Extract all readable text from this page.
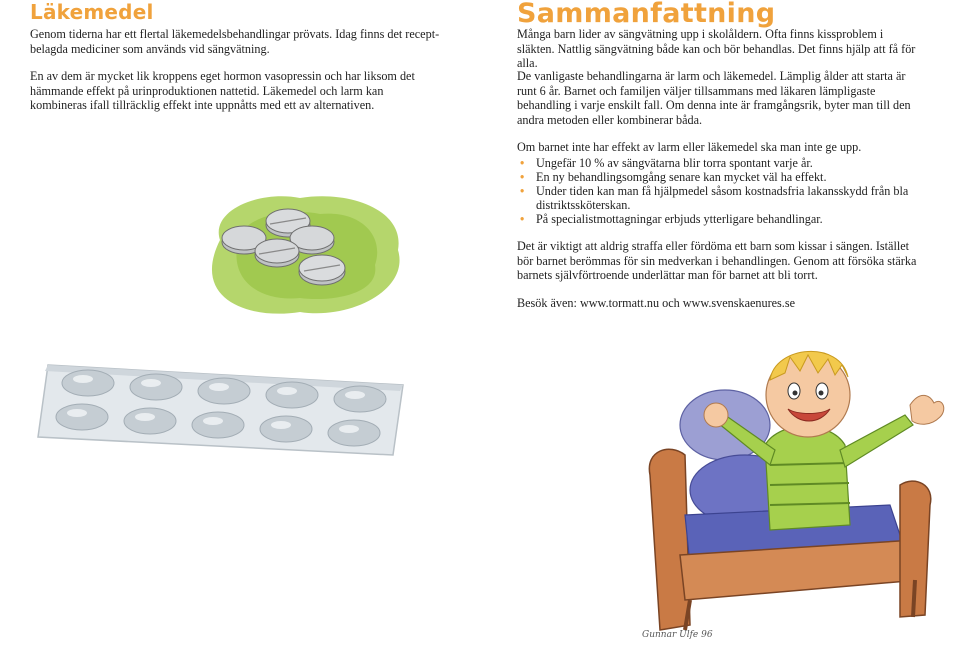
Läkemedel

Genom tiderna har ett flertal läkemedelsbehandlingar prövats. Idag finns det recept-belagda mediciner som används vid sängvätning.

En av dem är mycket lik kroppens eget hormon vasopressin och har liksom det hämmande effekt på urinproduktionen nattetid. Läkemedel och larm kan kombineras ifall tillräcklig effekt inte uppnåtts med ett av alternativen.

Sammanfattning

Många barn lider av sängvätning upp i skolåldern. Ofta finns kissproblem i släkten. Nattlig sängvätning både kan och bör behandlas. Det finns hjälp att få för alla.

De vanligaste behandlingarna är larm och läkemedel. Lämplig ålder att starta är runt 6 år. Barnet och familjen väljer tillsammans med läkaren lämpligaste behandling i varje enskilt fall. Om denna inte är framgångsrik, byter man till den andra metoden eller kombinerar båda.

Om barnet inte har effekt av larm eller läkemedel ska man inte ge upp.

• Ungefär 10 % av sängvätarna blir torra spontant varje år.
• En ny behandlingsomgång senare kan mycket väl ha effekt.
• Under tiden kan man få hjälpmedel såsom kostnadsfria lakansskydd från bla distriktssköterskan.
• På specialistmottagningar erbjuds ytterligare behandlingar.

Det är viktigt att aldrig straffa eller fördöma ett barn som kissar i sängen. Istället bör barnet berömmas för sin medverkan i behandlingen. Genom att försöka stärka barnets självförtroende underlättar man för barnet att bli torrt.

Besök även: www.tormatt.nu och www.svenskaenures.se

Gunnar Ulfe 96
